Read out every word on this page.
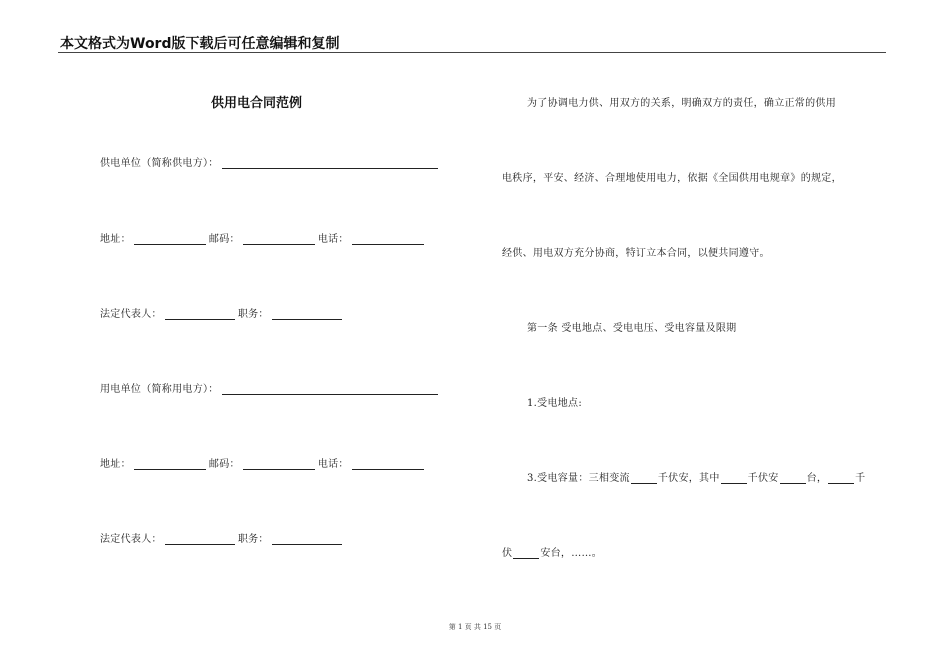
本文格式为Word版下载后可任意编辑和复制
供用电合同范例
供电单位（简称供电方）：
地址：	邮码：	电话：
法定代表人：	职务：
用电单位（简称用电方）：
地址：	邮码：	电话：
法定代表人：	职务：
为了协调电力供、用双方的关系，明确双方的责任，确立正常的供用
电秩序，平安、经济、合理地使用电力，依据《全国供用电规章》的规定，
经供、用电双方充分协商，特订立本合同，以便共同遵守。
第一条 受电地点、受电电压、受电容量及限期
1.受电地点:
3.受电容量：三相变流	千伏安，其中	千伏安	台，	千
伏	安台，……。
第 1 页 共 15 页
